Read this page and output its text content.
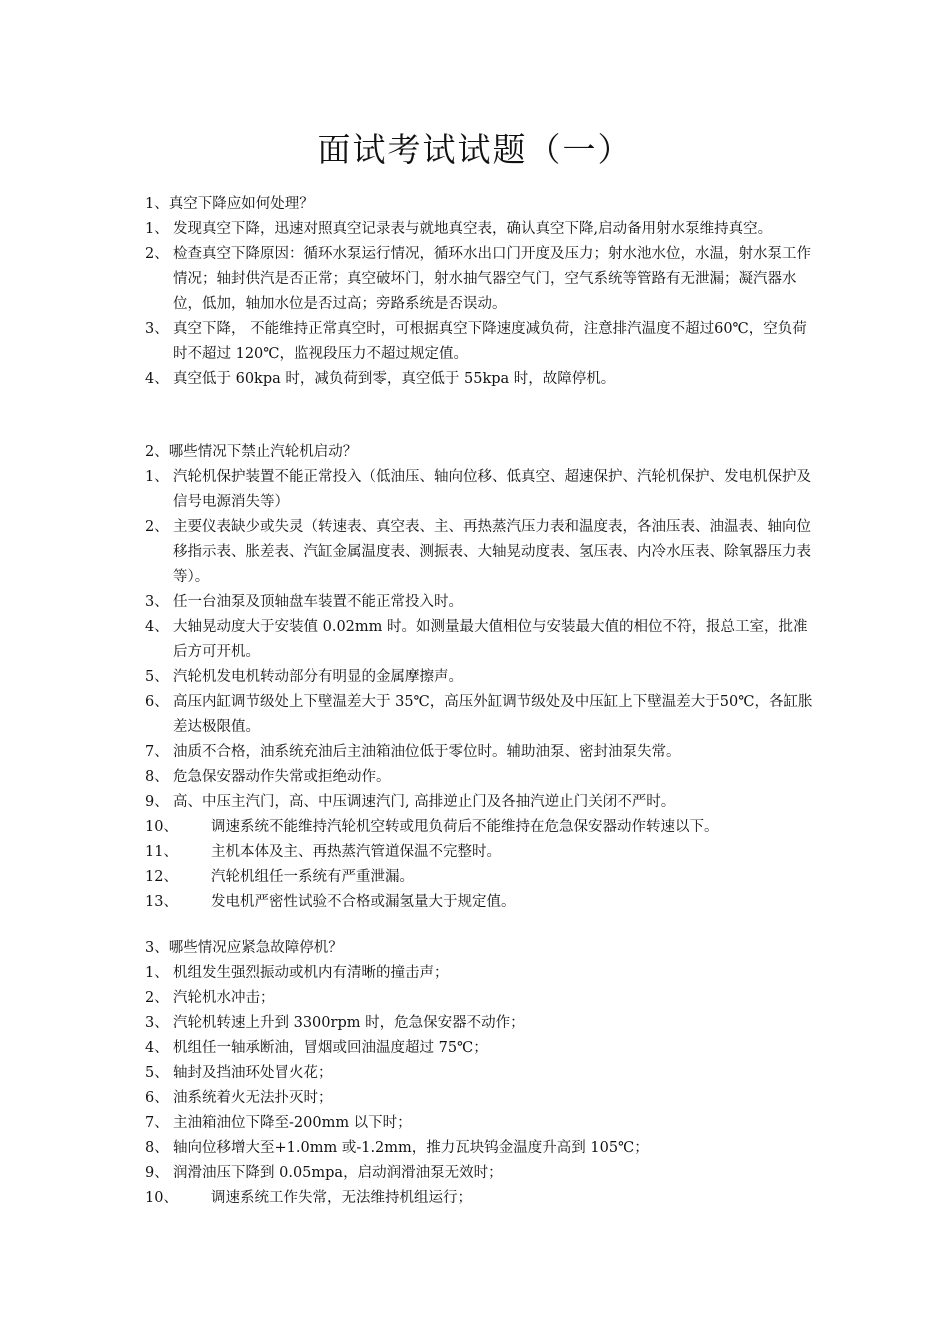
面试考试试题（一）
1、真空下降应如何处理？
1、 发现真空下降，迅速对照真空记录表与就地真空表，确认真空下降,启动备用射水泵维持真空。
2、 检查真空下降原因：循环水泵运行情况，循环水出口门开度及压力；射水池水位，水温，射水泵工作情况；轴封供汽是否正常；真空破坏门，射水抽气器空气门，空气系统等管路有无泄漏；凝汽器水位，低加，轴加水位是否过高；旁路系统是否误动。
3、 真空下降， 不能维持正常真空时，可根据真空下降速度减负荷，注意排汽温度不超过60℃，空负荷时不超过 120℃，监视段压力不超过规定值。
4、 真空低于 60kpa 时，减负荷到零，真空低于 55kpa 时，故障停机。
2、哪些情况下禁止汽轮机启动？
1、 汽轮机保护装置不能正常投入（低油压、轴向位移、低真空、超速保护、汽轮机保护、发电机保护及信号电源消失等）
2、 主要仪表缺少或失灵（转速表、真空表、主、再热蒸汽压力表和温度表，各油压表、油温表、轴向位移指示表、胀差表、汽缸金属温度表、测振表、大轴晃动度表、氢压表、内冷水压表、除氧器压力表等）。
3、 任一台油泵及顶轴盘车装置不能正常投入时。
4、 大轴晃动度大于安装值 0.02mm 时。如测量最大值相位与安装最大值的相位不符，报总工室，批准后方可开机。
5、 汽轮机发电机转动部分有明显的金属摩擦声。
6、 高压内缸调节级处上下壁温差大于 35℃，高压外缸调节级处及中压缸上下壁温差大于50℃，各缸胀差达极限值。
7、 油质不合格，油系统充油后主油箱油位低于零位时。辅助油泵、密封油泵失常。
8、 危急保安器动作失常或拒绝动作。
9、 高、中压主汽门，高、中压调速汽门, 高排逆止门及各抽汽逆止门关闭不严时。
10、 调速系统不能维持汽轮机空转或甩负荷后不能维持在危急保安器动作转速以下。
11、 主机本体及主、再热蒸汽管道保温不完整时。
12、 汽轮机组任一系统有严重泄漏。
13、 发电机严密性试验不合格或漏氢量大于规定值。
3、哪些情况应紧急故障停机？
1、 机组发生强烈振动或机内有清晰的撞击声；
2、 汽轮机水冲击；
3、 汽轮机转速上升到 3300rpm 时，危急保安器不动作；
4、 机组任一轴承断油，冒烟或回油温度超过 75℃；
5、 轴封及挡油环处冒火花；
6、 油系统着火无法扑灭时；
7、 主油箱油位下降至-200mm 以下时；
8、 轴向位移增大至+1.0mm 或-1.2mm，推力瓦块钨金温度升高到 105℃；
9、 润滑油压下降到 0.05mpa，启动润滑油泵无效时；
10、 调速系统工作失常，无法维持机组运行；
